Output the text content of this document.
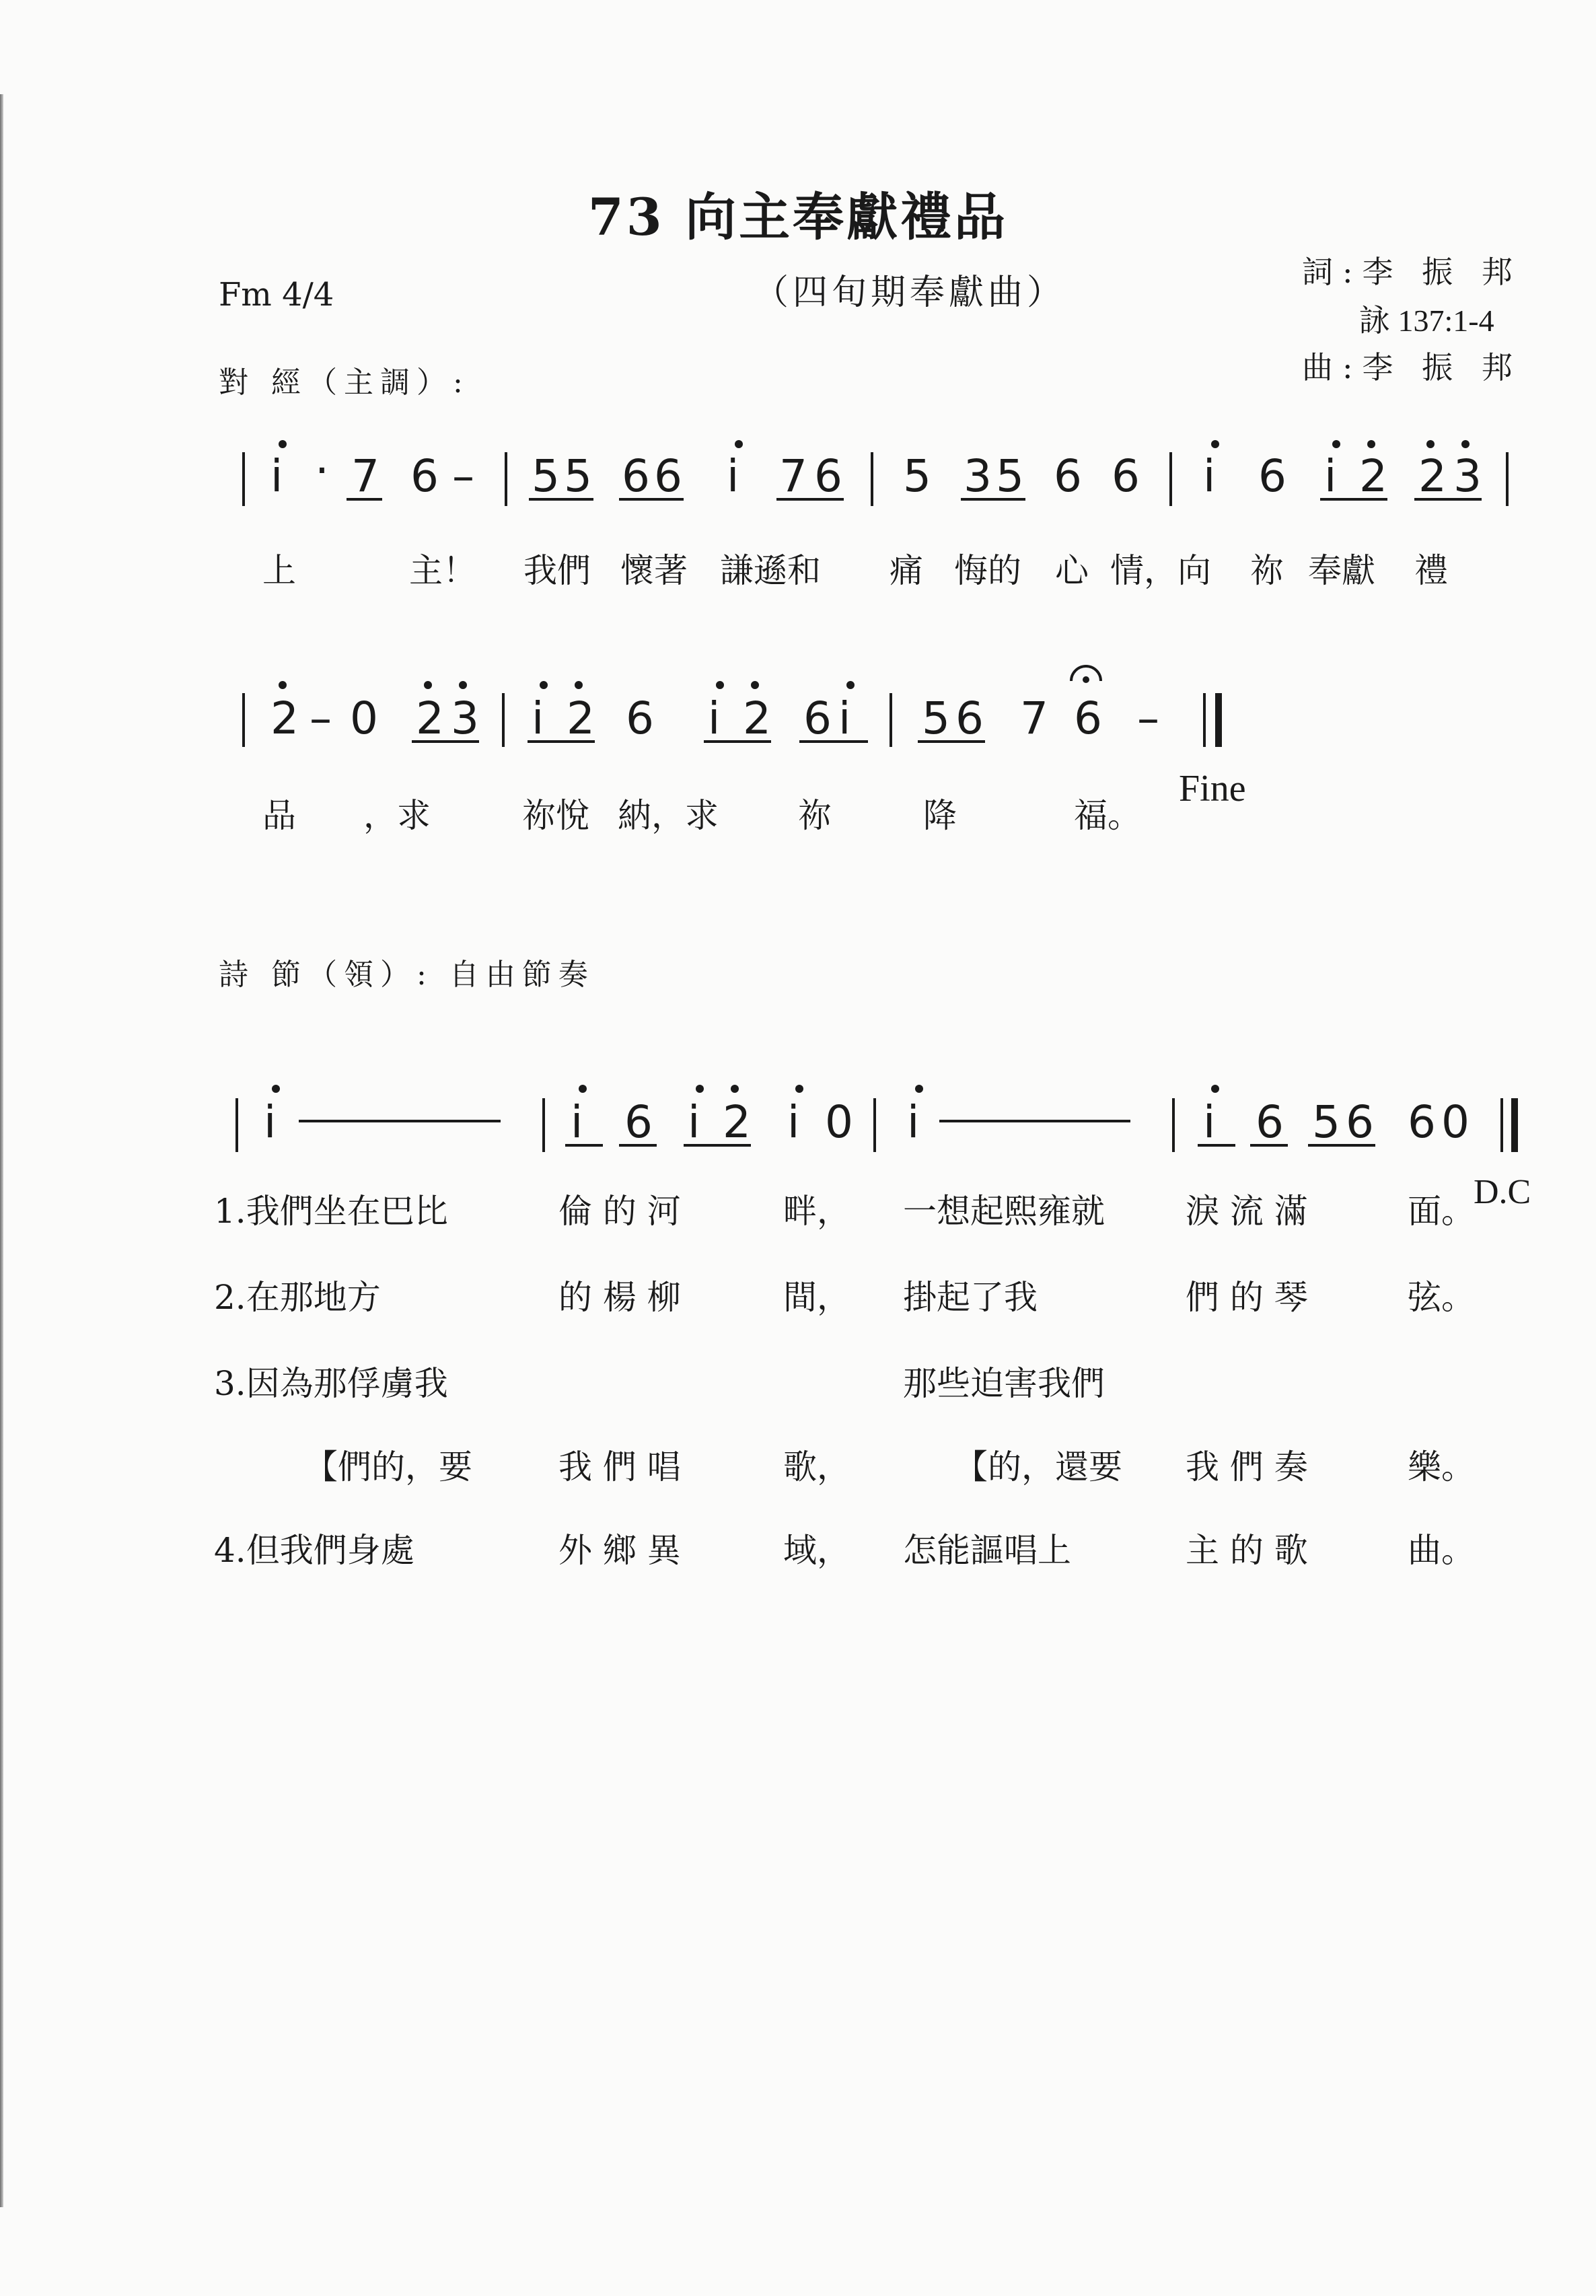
73 向主奉獻禮品
（四旬期奉獻曲）
Fm 4/4
詞:李 振 邦
詠 137:1-4
曲:李 振 邦
對 經（主調）:
i · 7 6 – 5 5 6 6 i 7 6 5 3 5 6 6 i 6 i 2 2 3
上	主！ 我們 懷著 謙遜和 痛 悔的 心 情，向 祢 奉獻 禮
2 – 0 2 3 i 2 6 i 2 6 i 5 6 7 6 –
品 ，求	祢悅 納，求 祢	降	福。
Fine
詩 節（領）: 自由節奏
i	i 6 i 2 i 0 i	i 6 5 6 6 0
1.我們坐在巴比	倫 的 河	畔， 一想起熙雍就 淚 流 滿	面。
D.C
2.在那地方	的 楊 柳	間， 掛起了我	們 的 琴	弦。
3.因為那俘虜我	那些迫害我們
【們的，要	我 們 唱	歌，	【的，還要 我 們 奏	樂。
4.但我們身處	外 鄉 異	域， 怎能謳唱上	主 的 歌	曲。
